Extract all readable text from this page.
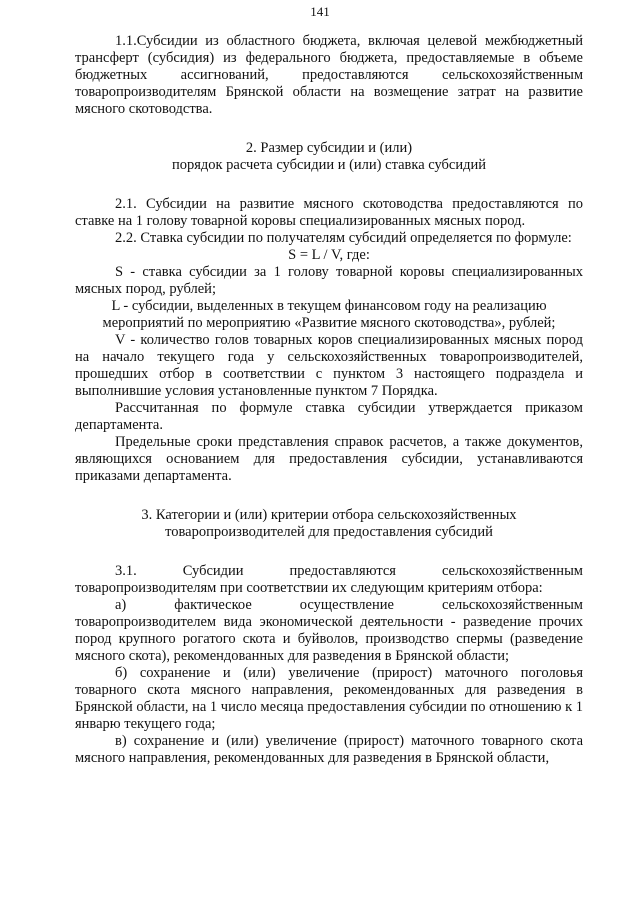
141

1.1.Субсидии из областного бюджета, включая целевой межбюджетный трансферт (субсидия) из федерального бюджета, предоставляемые в объеме бюджетных ассигнований, предоставляются сельскохозяйственным товаропроизводителям Брянской области на возмещение затрат на развитие мясного скотоводства.

2. Размер субсидии и (или)

порядок расчета субсидии и (или) ставка субсидий

2.1. Субсидии на развитие мясного скотоводства предоставляются по ставке на 1 голову товарной коровы специализированных мясных пород.

2.2. Ставка субсидии по получателям субсидий определяется по формуле:

S = L / V, где:

S - ставка субсидии за 1 голову товарной коровы специализированных мясных пород, рублей;

L - субсидии, выделенных в текущем финансовом году на реализацию мероприятий по мероприятию «Развитие мясного скотоводства», рублей;

V - количество голов товарных коров специализированных мясных пород на начало текущего года у сельскохозяйственных товаропроизводителей, прошедших отбор в соответствии с пунктом 3 настоящего подраздела и выполнившие условия установленные пунктом 7 Порядка.

Рассчитанная по формуле ставка субсидии утверждается приказом департамента.

Предельные сроки представления справок расчетов, а также документов, являющихся основанием для предоставления субсидии, устанавливаются приказами департамента.

3. Категории и (или) критерии отбора сельскохозяйственных

товаропроизводителей для предоставления субсидий

3.1. Субсидии предоставляются сельскохозяйственным товаропроизводителям при соответствии их следующим критериям отбора:

а) фактическое осуществление сельскохозяйственным товаропроизводителем вида экономической деятельности - разведение прочих пород крупного рогатого скота и буйволов, производство спермы (разведение мясного скота), рекомендованных для разведения в Брянской области;

б) сохранение и (или) увеличение (прирост) маточного поголовья товарного скота мясного направления, рекомендованных для разведения в Брянской области, на 1 число месяца предоставления субсидии по отношению к 1 январю текущего года;

в) сохранение и (или) увеличение (прирост) маточного товарного скота мясного направления, рекомендованных для разведения в Брянской области,
